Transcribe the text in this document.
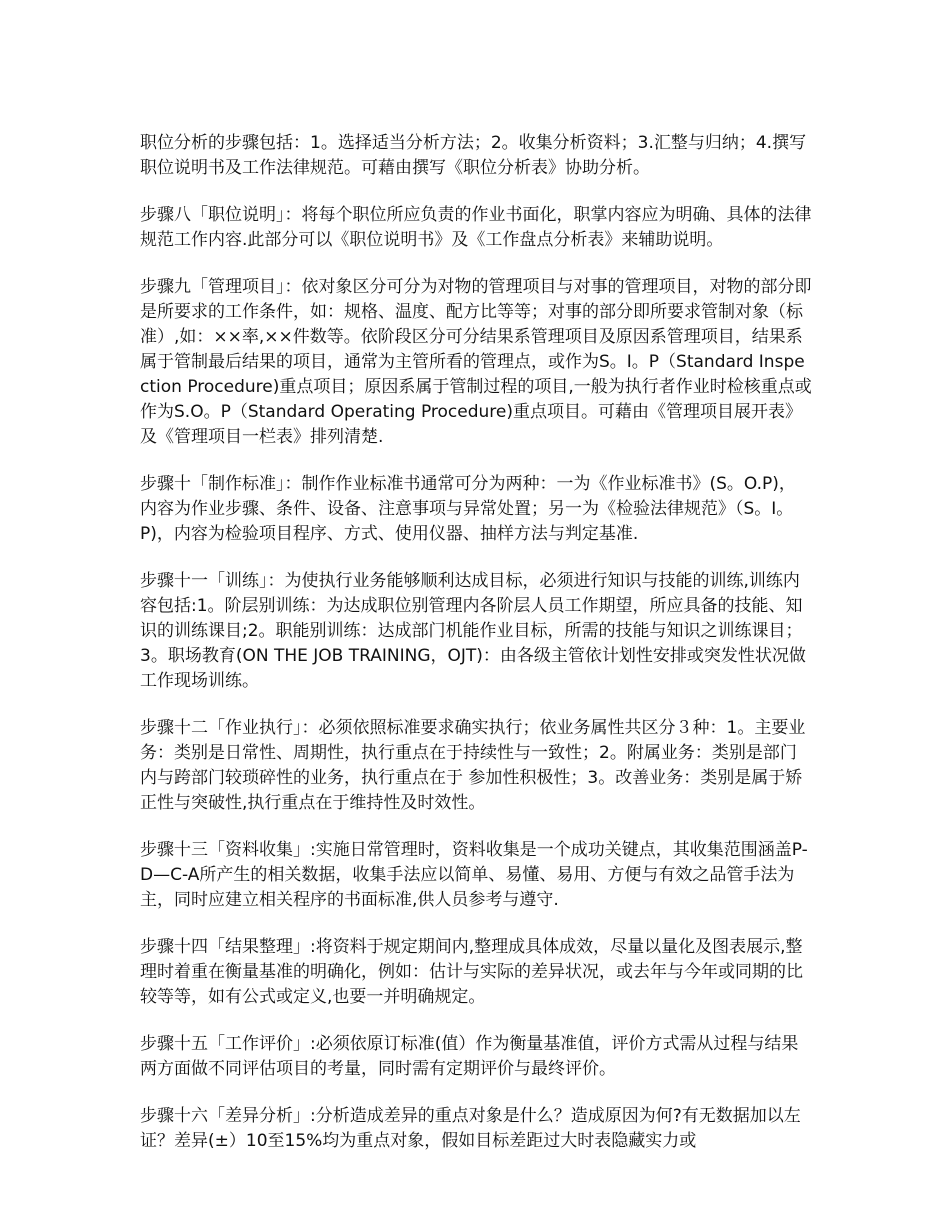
职位分析的步骤包括：1。选择适当分析方法；2。收集分析资料；3.汇整与归纳；4.撰写职位说明书及工作法律规范。可藉由撰写《职位分析表》协助分析。

步骤八「职位说明」：将每个职位所应负责的作业书面化，职掌内容应为明确、具体的法律规范工作内容.此部分可以《职位说明书》及《工作盘点分析表》来辅助说明。

步骤九「管理项目」：依对象区分可分为对物的管理项目与对事的管理项目，对物的部分即是所要求的工作条件，如：规格、温度、配方比等等；对事的部分即所要求管制对象（标准）,如：××率,××件数等。依阶段区分可分结果系管理项目及原因系管理项目，结果系属于管制最后结果的项目，通常为主管所看的管理点，或作为S。I。P（Standard Inspection Procedure)重点项目；原因系属于管制过程的项目,一般为执行者作业时检核重点或作为S.O。P（Standard Operating Procedure)重点项目。可藉由《管理项目展开表》及《管理项目一栏表》排列清楚.

步骤十「制作标准」：制作作业标准书通常可分为两种：一为《作业标准书》(S。O.P)，内容为作业步骤、条件、设备、注意事项与异常处置；另一为《检验法律规范》（S。I。P)，内容为检验项目程序、方式、使用仪器、抽样方法与判定基准.

步骤十一「训练」：为使执行业务能够顺利达成目标，必须进行知识与技能的训练,训练内容包括:1。阶层别训练：为达成职位别管理内各阶层人员工作期望，所应具备的技能、知识的训练课目;2。职能别训练：达成部门机能作业目标，所需的技能与知识之训练课目；3。职场教育(ON THE JOB TRAINING，OJT)：由各级主管依计划性安排或突发性状况做工作现场训练。

步骤十二「作业执行」：必须依照标准要求确实执行；依业务属性共区分３种：1。主要业务：类别是日常性、周期性，执行重点在于持续性与一致性；2。附属业务：类别是部门内与跨部门较琐碎性的业务，执行重点在于 参加性积极性；3。改善业务：类别是属于矫正性与突破性,执行重点在于维持性及时效性。

步骤十三「资料收集」:实施日常管理时，资料收集是一个成功关键点，其收集范围涵盖P-D—C-A所产生的相关数据，收集手法应以简单、易懂、易用、方便与有效之品管手法为主，同时应建立相关程序的书面标准,供人员参考与遵守.

步骤十四「结果整理」:将资料于规定期间内,整理成具体成效，尽量以量化及图表展示,整理时着重在衡量基准的明确化，例如：估计与实际的差异状况，或去年与今年或同期的比较等等，如有公式或定义,也要一并明确规定。

步骤十五「工作评价」:必须依原订标准(值）作为衡量基准值，评价方式需从过程与结果两方面做不同评估项目的考量，同时需有定期评价与最终评价。

步骤十六「差异分析」:分析造成差异的重点对象是什么？造成原因为何?有无数据加以左证？差异(±）10至15%均为重点对象，假如目标差距过大时表隐藏实力或
